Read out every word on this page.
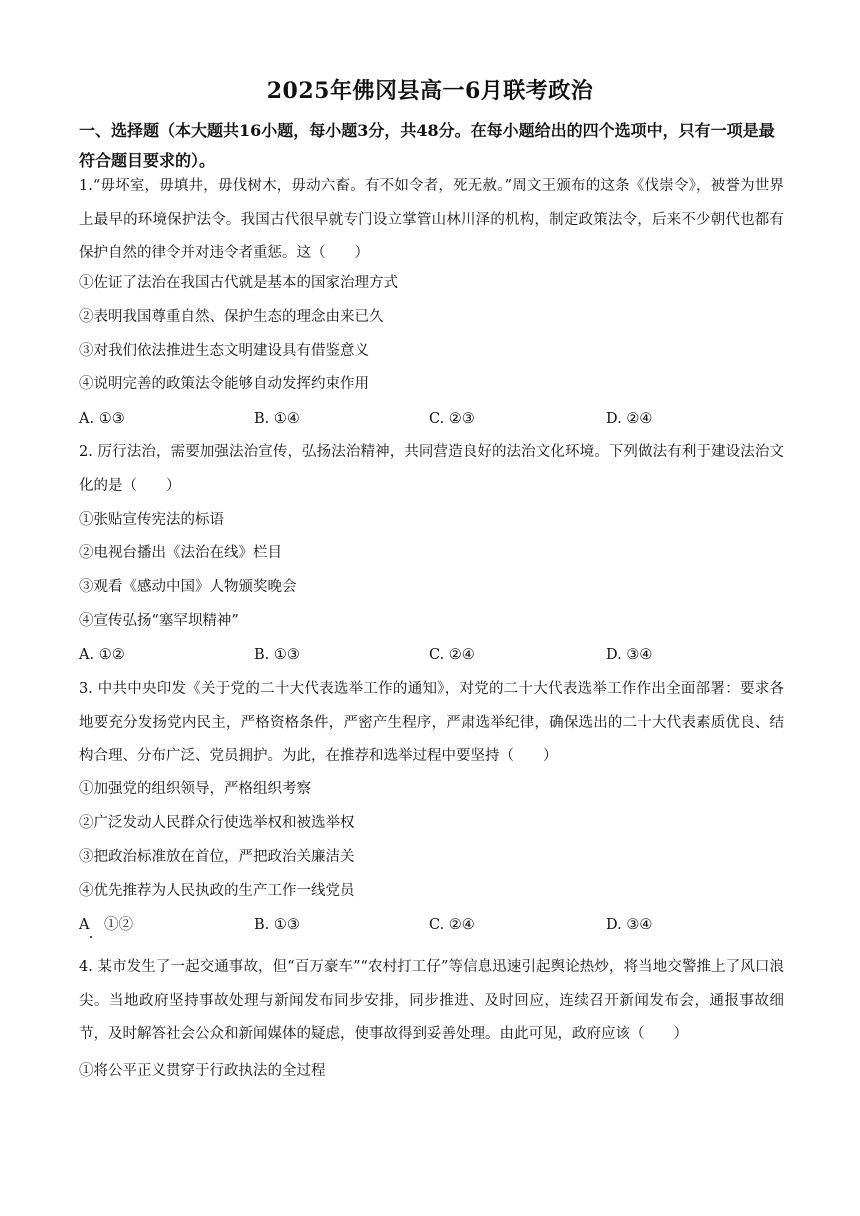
2025年佛冈县高一6月联考政治
一、选择题（本大题共16小题，每小题3分，共48分。在每小题给出的四个选项中，只有一项是最符合题目要求的）。
1.“毋坏室，毋填井，毋伐树木，毋动六畜。有不如令者，死无赦。”周文王颁布的这条《伐崇令》，被誉为世界上最早的环境保护法令。我国古代很早就专门设立掌管山林川泽的机构，制定政策法令，后来不少朝代也都有保护自然的律令并对违令者重惩。这（　　）
①佐证了法治在我国古代就是基本的国家治理方式
②表明我国尊重自然、保护生态的理念由来已久
③对我们依法推进生态文明建设具有借鉴意义
④说明完善的政策法令能够自动发挥约束作用
A. ①③	B. ①④	C. ②③	D. ②④
2. 厉行法治，需要加强法治宣传，弘扬法治精神，共同营造良好的法治文化环境。下列做法有利于建设法治文化的是（　　）
①张贴宣传宪法的标语
②电视台播出《法治在线》栏目
③观看《感动中国》人物颁奖晚会
④宣传弘扬“塞罕坝精神”
A. ①②	B. ①③	C. ②④	D. ③④
3. 中共中央印发《关于党的二十大代表选举工作的通知》，对党的二十大代表选举工作作出全面部署：要求各地要充分发扬党内民主，严格资格条件，严密产生程序，严肃选举纪律，确保选出的二十大代表素质优良、结构合理、分布广泛、党员拥护。为此，在推荐和选举过程中要坚持（　　）
①加强党的组织领导，严格组织考察
②广泛发动人民群众行使选举权和被选举权
③把政治标准放在首位，严把政治关廉洁关
④优先推荐为人民执政的生产工作一线党员
A　①②	B. ①③	C. ②④	D. ③④
4. 某市发生了一起交通事故，但“百万豪车”“农村打工仔”等信息迅速引起舆论热炒，将当地交警推上了风口浪尖。当地政府坚持事故处理与新闻发布同步安排，同步推进、及时回应，连续召开新闻发布会，通报事故细节，及时解答社会公众和新闻媒体的疑虑，使事故得到妥善处理。由此可见，政府应该（　　）
①将公平正义贯穿于行政执法的全过程
